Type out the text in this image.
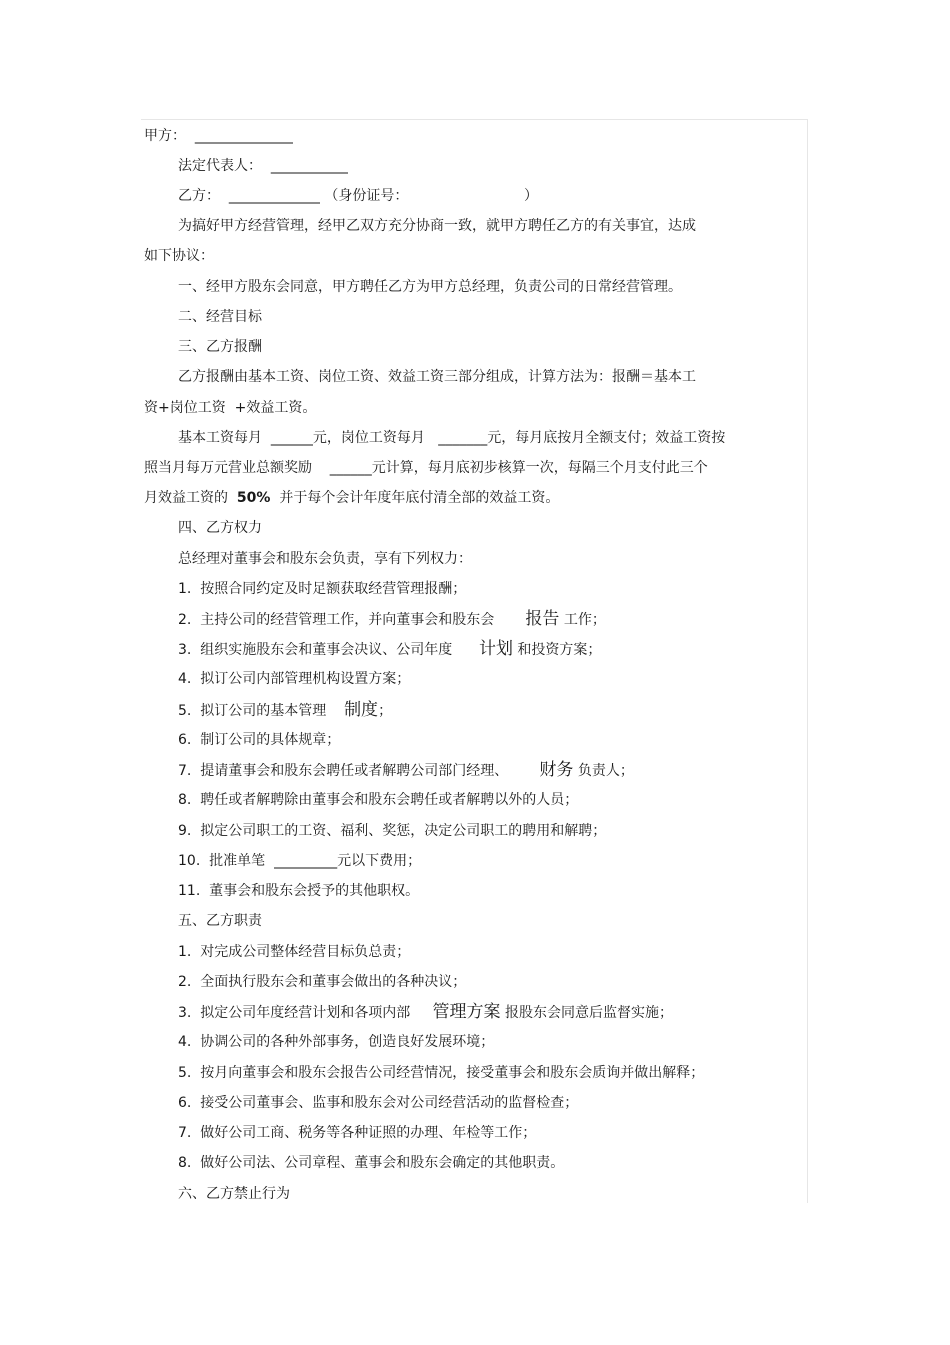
甲方：  ______________
法定代表人：  ___________
乙方：  _____________ （身份证号：                          ）
为搞好甲方经营管理，经甲乙双方充分协商一致，就甲方聘任乙方的有关事宜，达成
如下协议：
一、经甲方股东会同意，甲方聘任乙方为甲方总经理，负责公司的日常经营管理。
二、经营目标
三、乙方报酬
乙方报酬由基本工资、岗位工资、效益工资三部分组成，计算方法为：报酬＝基本工
资+岗位工资  +效益工资。
基本工资每月  ______元，岗位工资每月   _______元，每月底按月全额支付；效益工资按
照当月每万元营业总额奖励    ______元计算，每月底初步核算一次，每隔三个月支付此三个
月效益工资的  50%  并于每个会计年度年底付清全部的效益工资。
四、乙方权力
总经理对董事会和股东会负责，享有下列权力：
1.  按照合同约定及时足额获取经营管理报酬；
2.  主持公司的经营管理工作，并向董事会和股东会       报告 工作；
3.  组织实施股东会和董事会决议、公司年度      计划 和投资方案；
4.  拟订公司内部管理机构设置方案；
5.  拟订公司的基本管理    制度；
6.  制订公司的具体规章；
7.  提请董事会和股东会聘任或者解聘公司部门经理、       财务 负责人；
8.  聘任或者解聘除由董事会和股东会聘任或者解聘以外的人员；
9.  拟定公司职工的工资、福利、奖惩，决定公司职工的聘用和解聘；
10.  批准单笔  _________元以下费用；
11.  董事会和股东会授予的其他职权。
五、乙方职责
1.  对完成公司整体经营目标负总责；
2.  全面执行股东会和董事会做出的各种决议；
3.  拟定公司年度经营计划和各项内部     管理方案 报股东会同意后监督实施；
4.  协调公司的各种外部事务，创造良好发展环境；
5.  按月向董事会和股东会报告公司经营情况，接受董事会和股东会质询并做出解释；
6.  接受公司董事会、监事和股东会对公司经营活动的监督检查；
7.  做好公司工商、税务等各种证照的办理、年检等工作；
8.  做好公司法、公司章程、董事会和股东会确定的其他职责。
六、乙方禁止行为
